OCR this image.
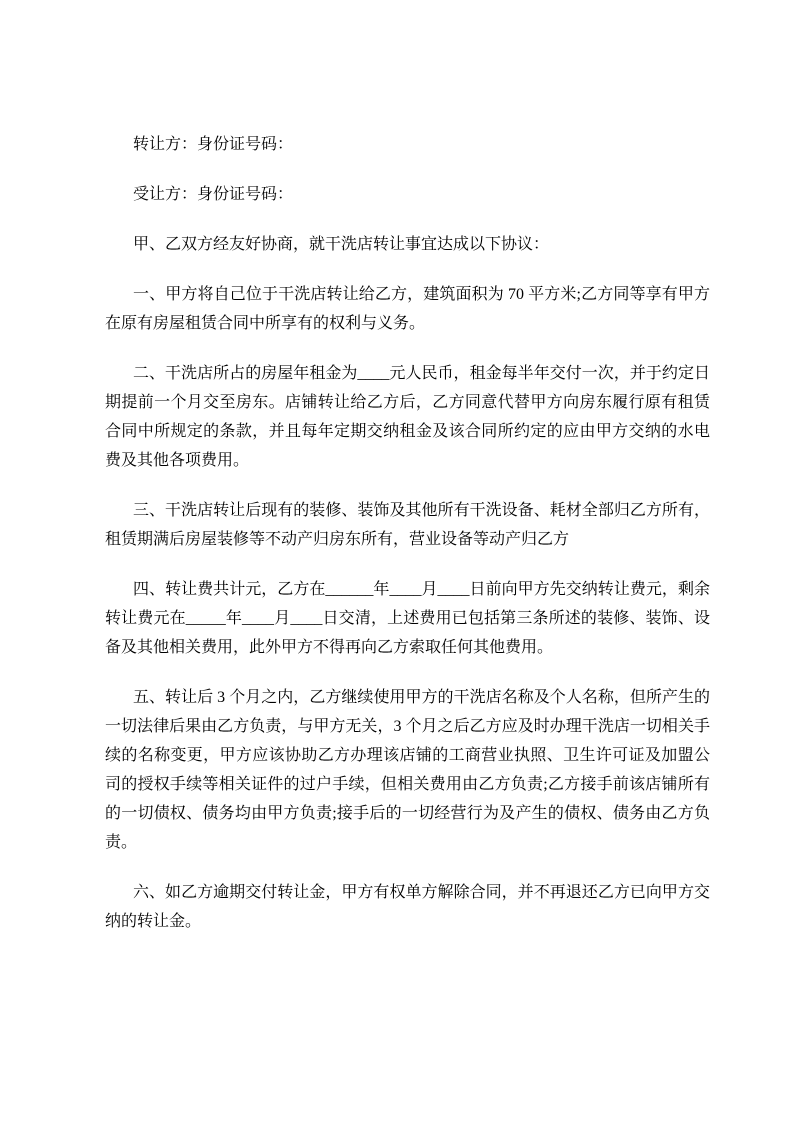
转让方：身份证号码：

受让方：身份证号码：

甲、乙双方经友好协商，就干洗店转让事宜达成以下协议：

一、甲方将自己位于干洗店转让给乙方，建筑面积为 70 平方米;乙方同等享有甲方在原有房屋租赁合同中所享有的权利与义务。

二、干洗店所占的房屋年租金为____元人民币，租金每半年交付一次，并于约定日期提前一个月交至房东。店铺转让给乙方后，乙方同意代替甲方向房东履行原有租赁合同中所规定的条款，并且每年定期交纳租金及该合同所约定的应由甲方交纳的水电费及其他各项费用。

三、干洗店转让后现有的装修、装饰及其他所有干洗设备、耗材全部归乙方所有，租赁期满后房屋装修等不动产归房东所有，营业设备等动产归乙方

四、转让费共计元，乙方在______年____月____日前向甲方先交纳转让费元，剩余转让费元在_____年____月____日交清，上述费用已包括第三条所述的装修、装饰、设备及其他相关费用，此外甲方不得再向乙方索取任何其他费用。

五、转让后 3 个月之内，乙方继续使用甲方的干洗店名称及个人名称，但所产生的一切法律后果由乙方负责，与甲方无关，3 个月之后乙方应及时办理干洗店一切相关手续的名称变更，甲方应该协助乙方办理该店铺的工商营业执照、卫生许可证及加盟公司的授权手续等相关证件的过户手续，但相关费用由乙方负责;乙方接手前该店铺所有的一切债权、债务均由甲方负责;接手后的一切经营行为及产生的债权、债务由乙方负责。

六、如乙方逾期交付转让金，甲方有权单方解除合同，并不再退还乙方已向甲方交纳的转让金。
